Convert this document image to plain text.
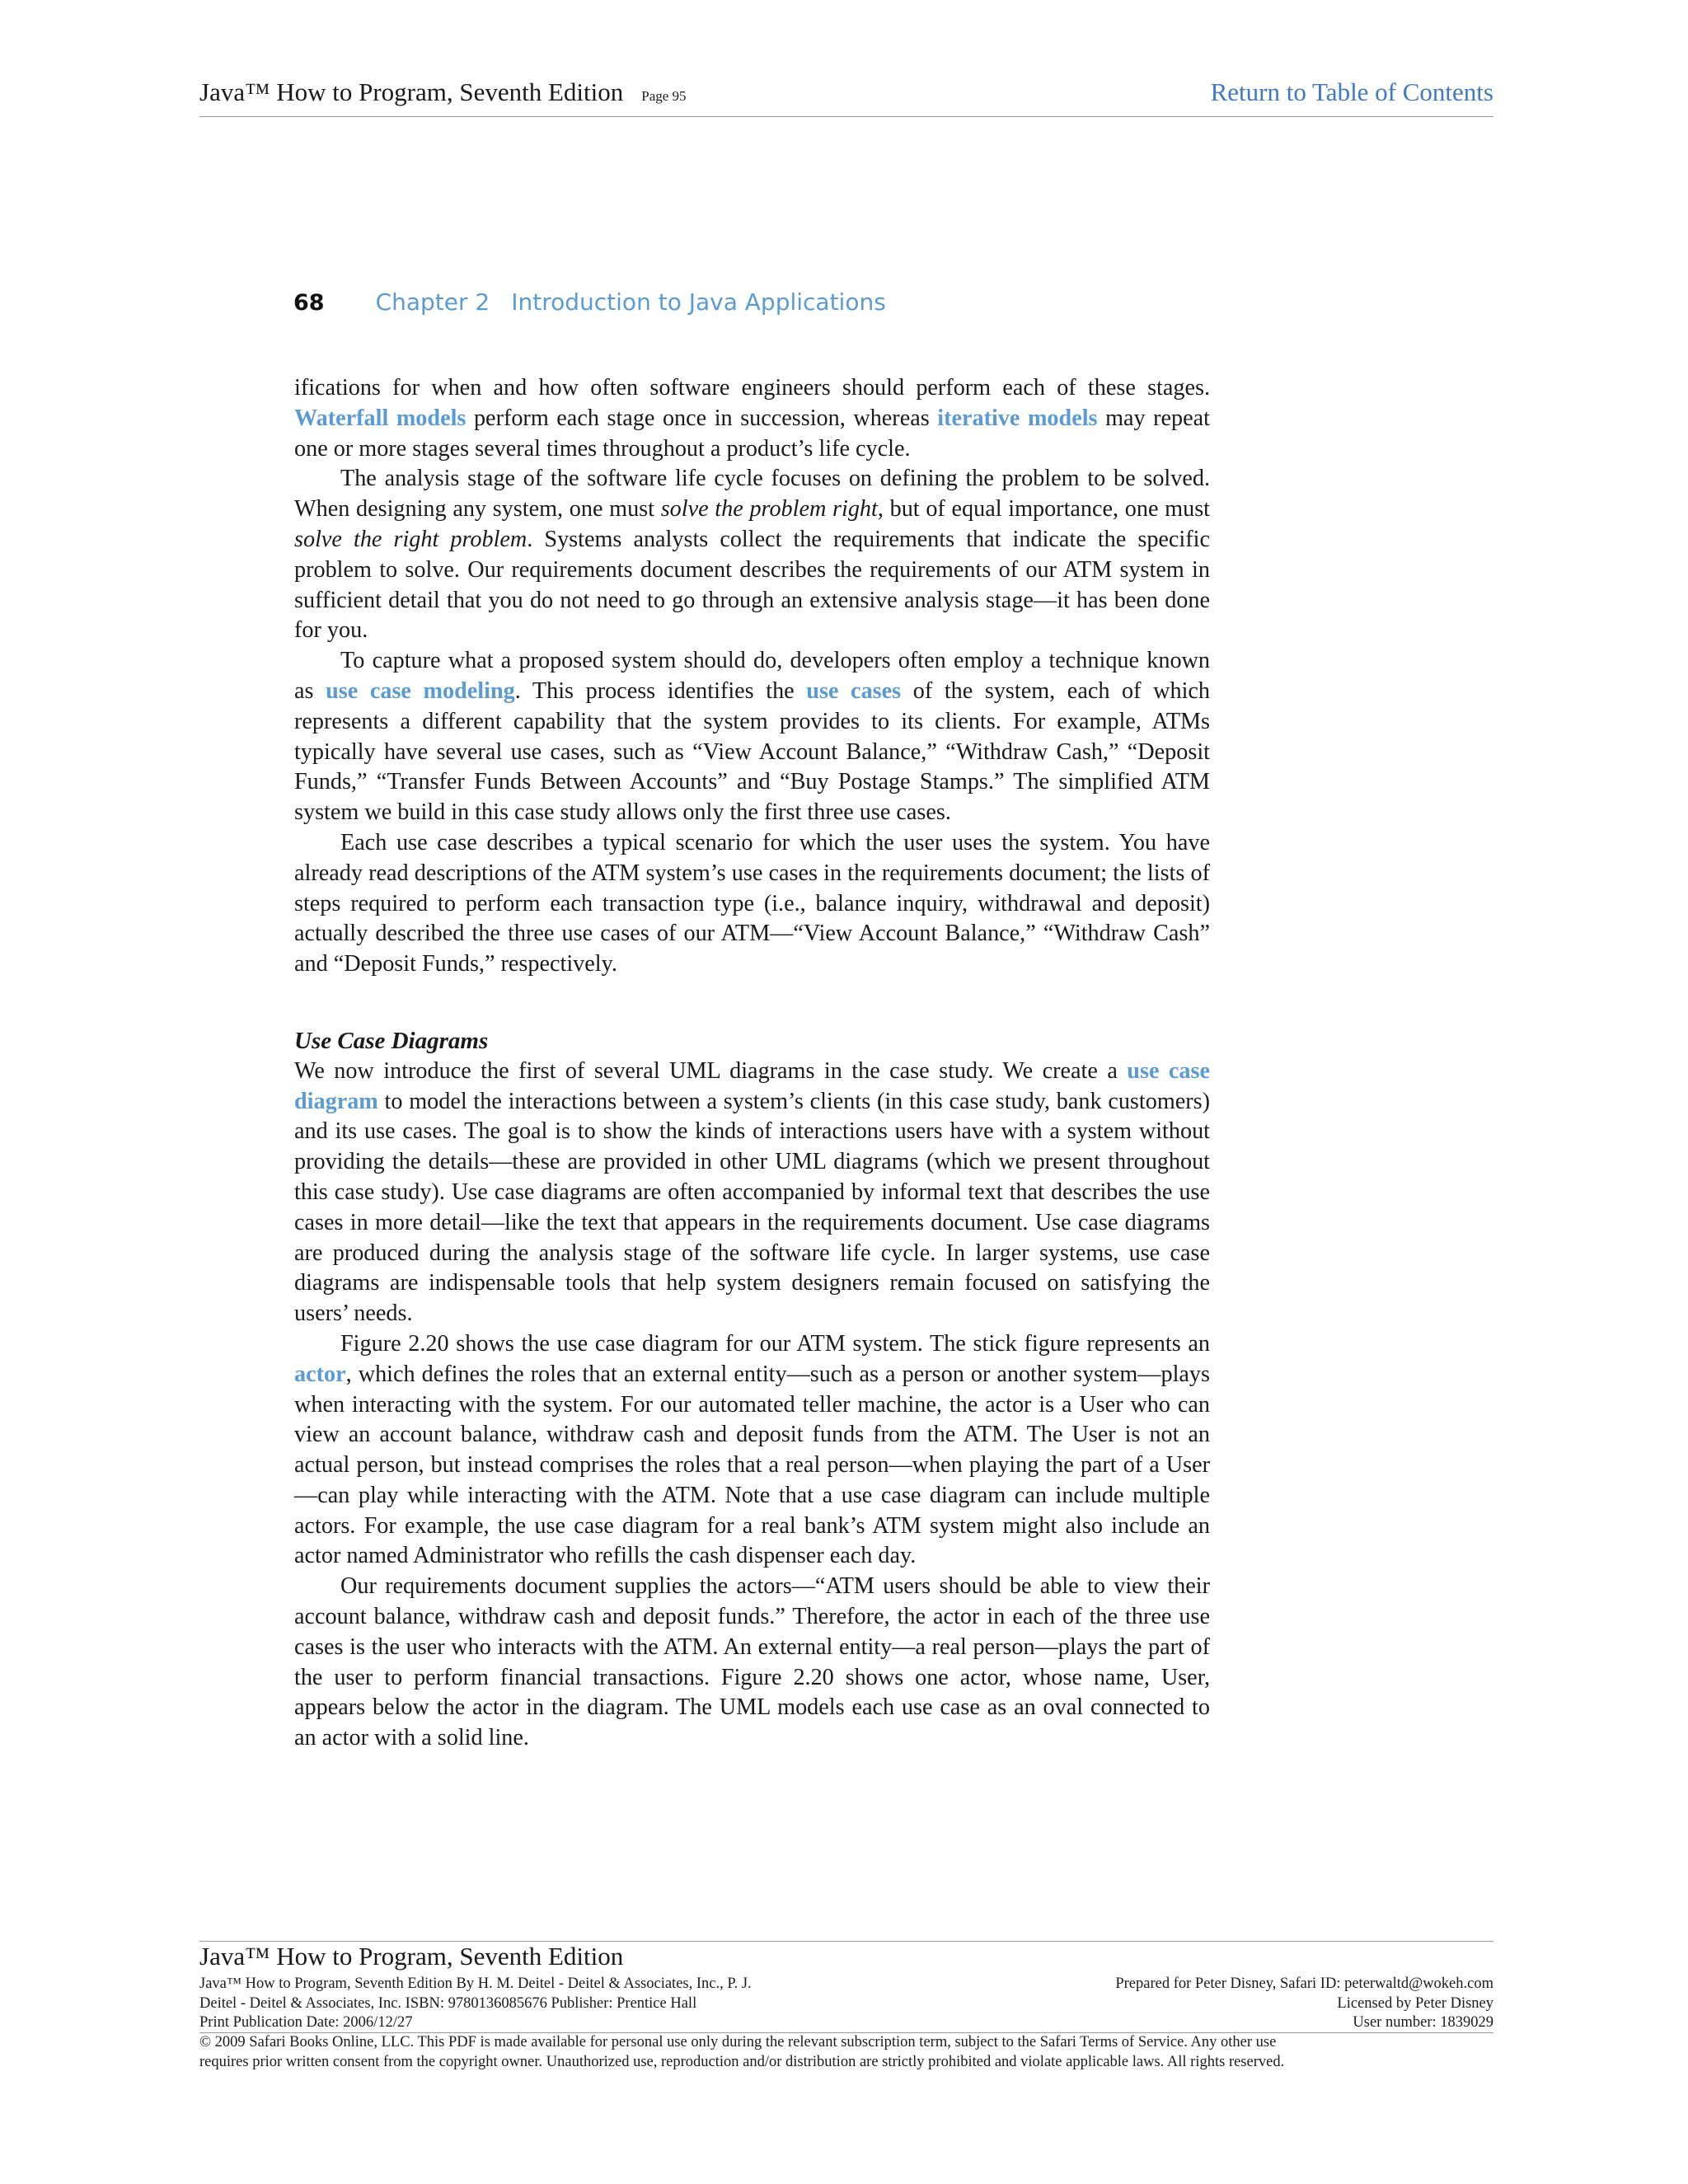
Java™ How to Program, Seventh Edition Page 95	Return to Table of Contents
68 Chapter 2 Introduction to Java Applications

ifications for when and how often software engineers should perform each of these stages. Waterfall models perform each stage once in succession, whereas iterative models may repeat one or more stages several times throughout a product’s life cycle.

The analysis stage of the software life cycle focuses on defining the problem to be solved. When designing any system, one must solve the problem right, but of equal importance, one must solve the right problem. Systems analysts collect the requirements that indicate the specific problem to solve. Our requirements document describes the requirements of our ATM system in sufficient detail that you do not need to go through an extensive analysis stage—it has been done for you.

To capture what a proposed system should do, developers often employ a technique known as use case modeling. This process identifies the use cases of the system, each of which represents a different capability that the system provides to its clients. For example, ATMs typically have several use cases, such as “View Account Balance,” “Withdraw Cash,” “Deposit Funds,” “Transfer Funds Between Accounts” and “Buy Postage Stamps.” The simplified ATM system we build in this case study allows only the first three use cases.

Each use case describes a typical scenario for which the user uses the system. You have already read descriptions of the ATM system’s use cases in the requirements document; the lists of steps required to perform each transaction type (i.e., balance inquiry, withdrawal and deposit) actually described the three use cases of our ATM—“View Account Balance,” “Withdraw Cash” and “Deposit Funds,” respectively.

Use Case Diagrams

We now introduce the first of several UML diagrams in the case study. We create a use case diagram to model the interactions between a system’s clients (in this case study, bank customers) and its use cases. The goal is to show the kinds of interactions users have with a system without providing the details—these are provided in other UML diagrams (which we present throughout this case study). Use case diagrams are often accompanied by informal text that describes the use cases in more detail—like the text that appears in the requirements document. Use case diagrams are produced during the analysis stage of the software life cycle. In larger systems, use case diagrams are indispensable tools that help system designers remain focused on satisfying the users’ needs.

Figure 2.20 shows the use case diagram for our ATM system. The stick figure represents an actor, which defines the roles that an external entity—such as a person or another system—plays when interacting with the system. For our automated teller machine, the actor is a User who can view an account balance, withdraw cash and deposit funds from the ATM. The User is not an actual person, but instead comprises the roles that a real person—when playing the part of a User—can play while interacting with the ATM. Note that a use case diagram can include multiple actors. For example, the use case diagram for a real bank’s ATM system might also include an actor named Administrator who refills the cash dispenser each day.

Our requirements document supplies the actors—“ATM users should be able to view their account balance, withdraw cash and deposit funds.” Therefore, the actor in each of the three use cases is the user who interacts with the ATM. An external entity—a real person—plays the part of the user to perform financial transactions. Figure 2.20 shows one actor, whose name, User, appears below the actor in the diagram. The UML models each use case as an oval connected to an actor with a solid line.

Java™ How to Program, Seventh Edition
Java™ How to Program, Seventh Edition By H. M. Deitel - Deitel & Associates, Inc., P. J.
Deitel - Deitel & Associates, Inc. ISBN: 9780136085676 Publisher: Prentice Hall
Print Publication Date: 2006/12/27
Prepared for Peter Disney, Safari ID: peterwaltd@wokeh.com
Licensed by Peter Disney
User number: 1839029
© 2009 Safari Books Online, LLC. This PDF is made available for personal use only during the relevant subscription term, subject to the Safari Terms of Service. Any other use
requires prior written consent from the copyright owner. Unauthorized use, reproduction and/or distribution are strictly prohibited and violate applicable laws. All rights reserved.
